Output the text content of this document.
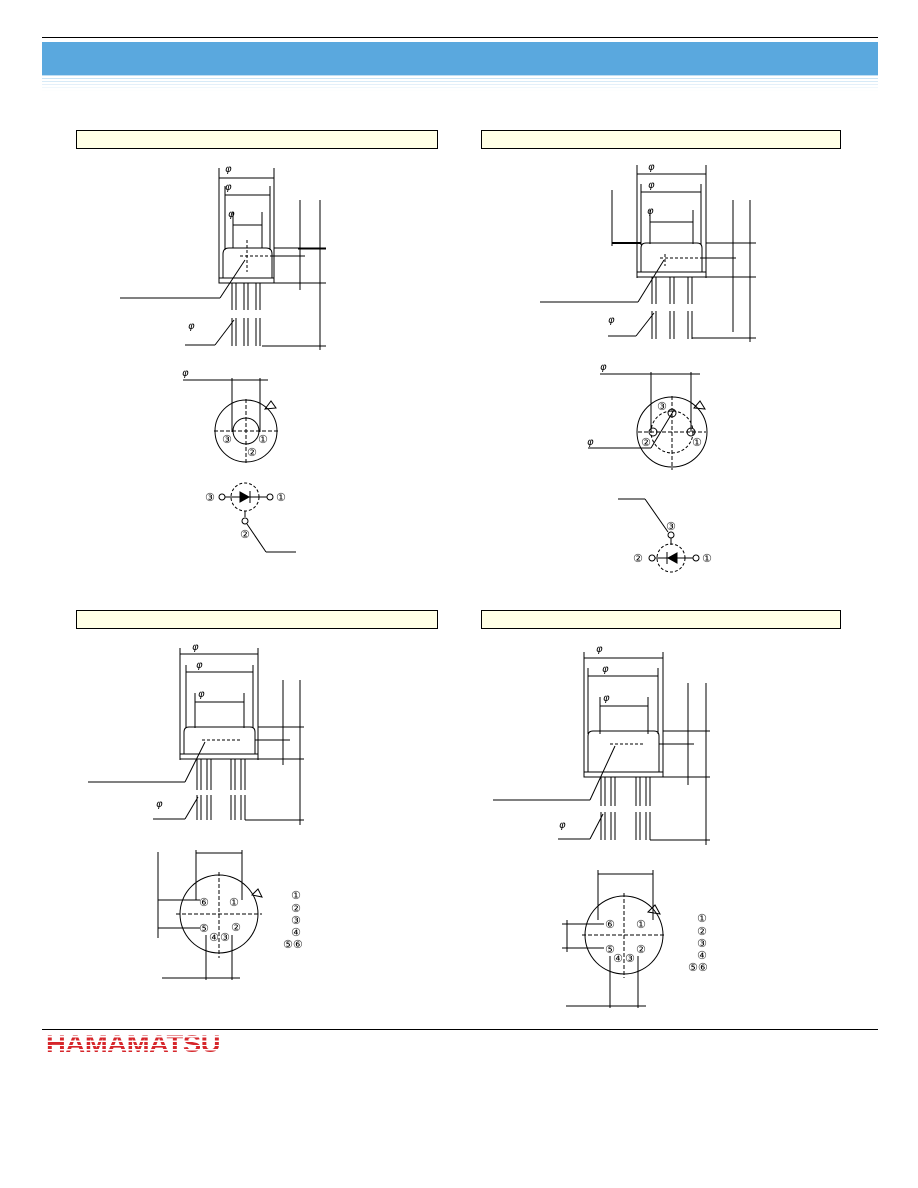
φ
φ
φ
φ
φ
③ ①
②
③	①
②
φ
φ
φ
φ
φ
φ
③
②	①
③
②	①
φ
φ
φ
φ
⑥ ①
⑤ ②
④ ③
①
②
③
④
⑤⑥
φ
φ
φ
φ
⑥ ①
⑤ ②
④ ③
①
②
③
④
⑤⑥
HAMAMATSU
